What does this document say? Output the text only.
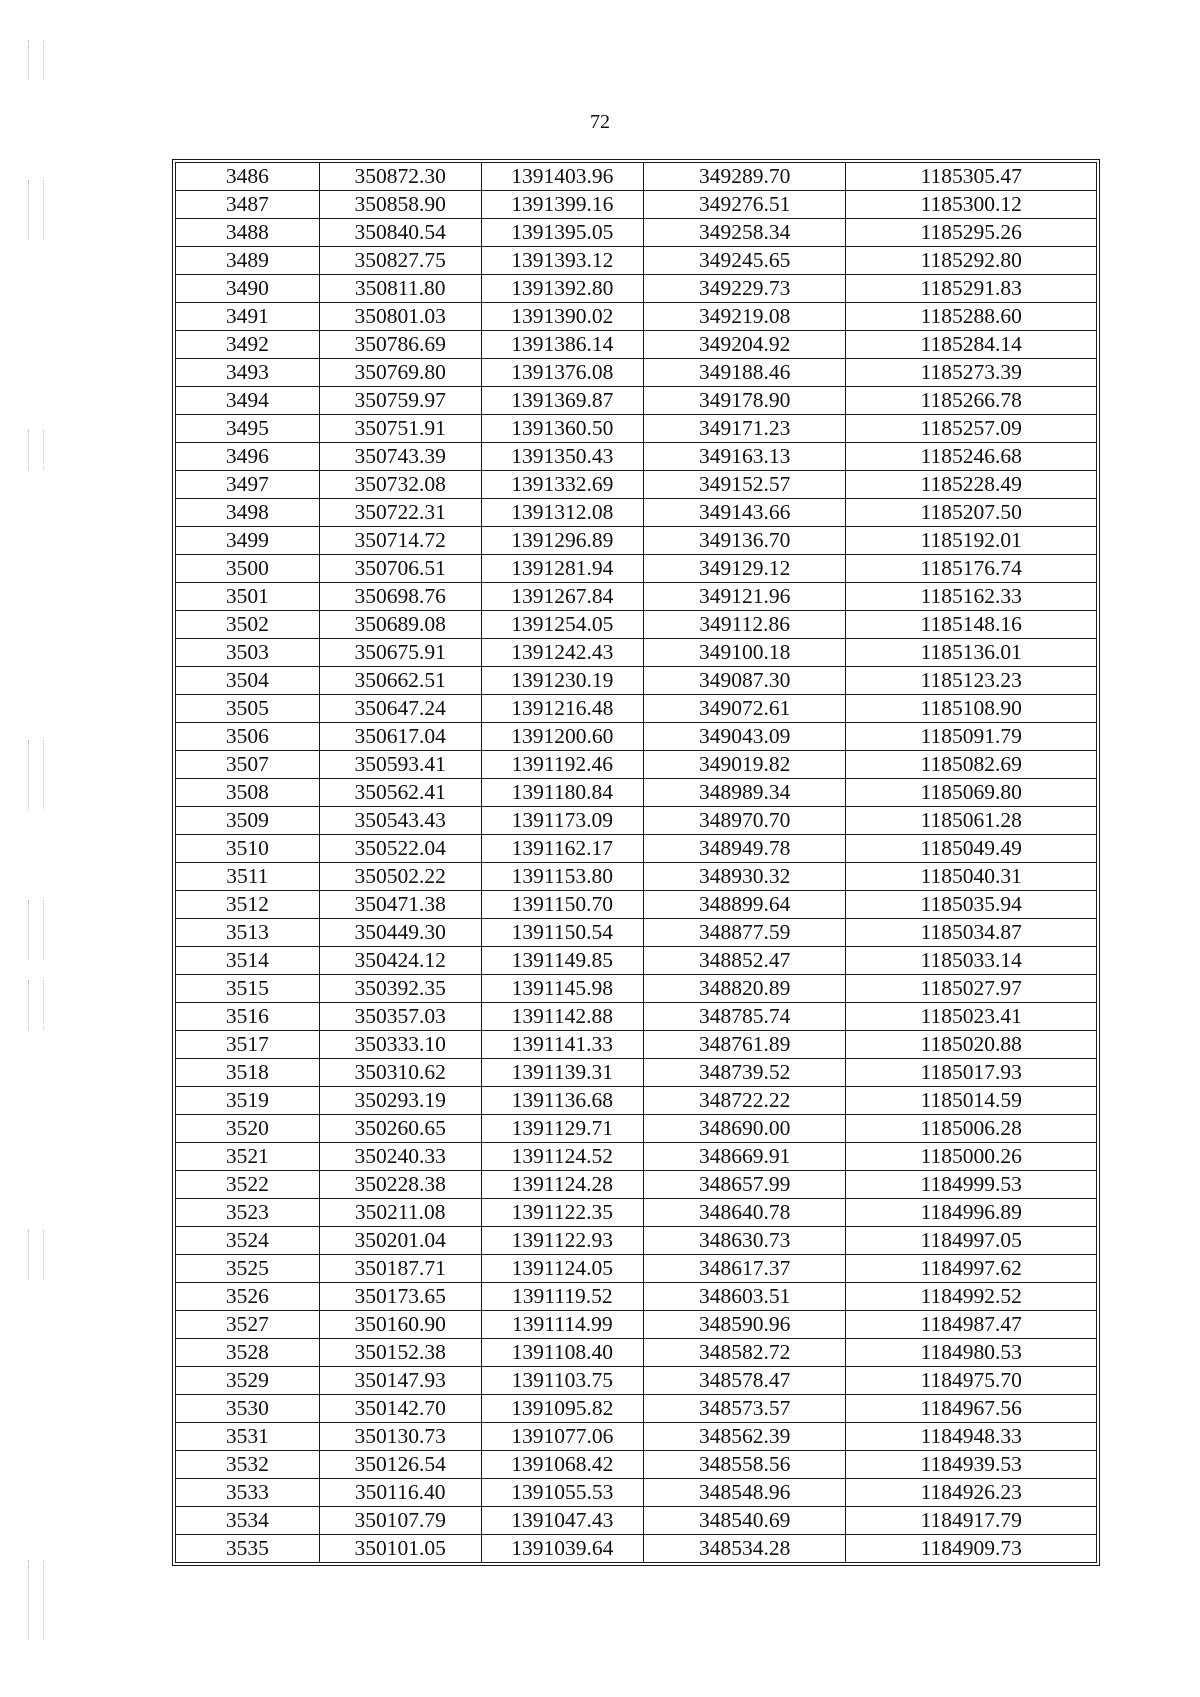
72
3486	350872.30	1391403.96	349289.70	1185305.47
3487	350858.90	1391399.16	349276.51	1185300.12
3488	350840.54	1391395.05	349258.34	1185295.26
3489	350827.75	1391393.12	349245.65	1185292.80
3490	350811.80	1391392.80	349229.73	1185291.83
3491	350801.03	1391390.02	349219.08	1185288.60
3492	350786.69	1391386.14	349204.92	1185284.14
3493	350769.80	1391376.08	349188.46	1185273.39
3494	350759.97	1391369.87	349178.90	1185266.78
3495	350751.91	1391360.50	349171.23	1185257.09
3496	350743.39	1391350.43	349163.13	1185246.68
3497	350732.08	1391332.69	349152.57	1185228.49
3498	350722.31	1391312.08	349143.66	1185207.50
3499	350714.72	1391296.89	349136.70	1185192.01
3500	350706.51	1391281.94	349129.12	1185176.74
3501	350698.76	1391267.84	349121.96	1185162.33
3502	350689.08	1391254.05	349112.86	1185148.16
3503	350675.91	1391242.43	349100.18	1185136.01
3504	350662.51	1391230.19	349087.30	1185123.23
3505	350647.24	1391216.48	349072.61	1185108.90
3506	350617.04	1391200.60	349043.09	1185091.79
3507	350593.41	1391192.46	349019.82	1185082.69
3508	350562.41	1391180.84	348989.34	1185069.80
3509	350543.43	1391173.09	348970.70	1185061.28
3510	350522.04	1391162.17	348949.78	1185049.49
3511	350502.22	1391153.80	348930.32	1185040.31
3512	350471.38	1391150.70	348899.64	1185035.94
3513	350449.30	1391150.54	348877.59	1185034.87
3514	350424.12	1391149.85	348852.47	1185033.14
3515	350392.35	1391145.98	348820.89	1185027.97
3516	350357.03	1391142.88	348785.74	1185023.41
3517	350333.10	1391141.33	348761.89	1185020.88
3518	350310.62	1391139.31	348739.52	1185017.93
3519	350293.19	1391136.68	348722.22	1185014.59
3520	350260.65	1391129.71	348690.00	1185006.28
3521	350240.33	1391124.52	348669.91	1185000.26
3522	350228.38	1391124.28	348657.99	1184999.53
3523	350211.08	1391122.35	348640.78	1184996.89
3524	350201.04	1391122.93	348630.73	1184997.05
3525	350187.71	1391124.05	348617.37	1184997.62
3526	350173.65	1391119.52	348603.51	1184992.52
3527	350160.90	1391114.99	348590.96	1184987.47
3528	350152.38	1391108.40	348582.72	1184980.53
3529	350147.93	1391103.75	348578.47	1184975.70
3530	350142.70	1391095.82	348573.57	1184967.56
3531	350130.73	1391077.06	348562.39	1184948.33
3532	350126.54	1391068.42	348558.56	1184939.53
3533	350116.40	1391055.53	348548.96	1184926.23
3534	350107.79	1391047.43	348540.69	1184917.79
3535	350101.05	1391039.64	348534.28	1184909.73
